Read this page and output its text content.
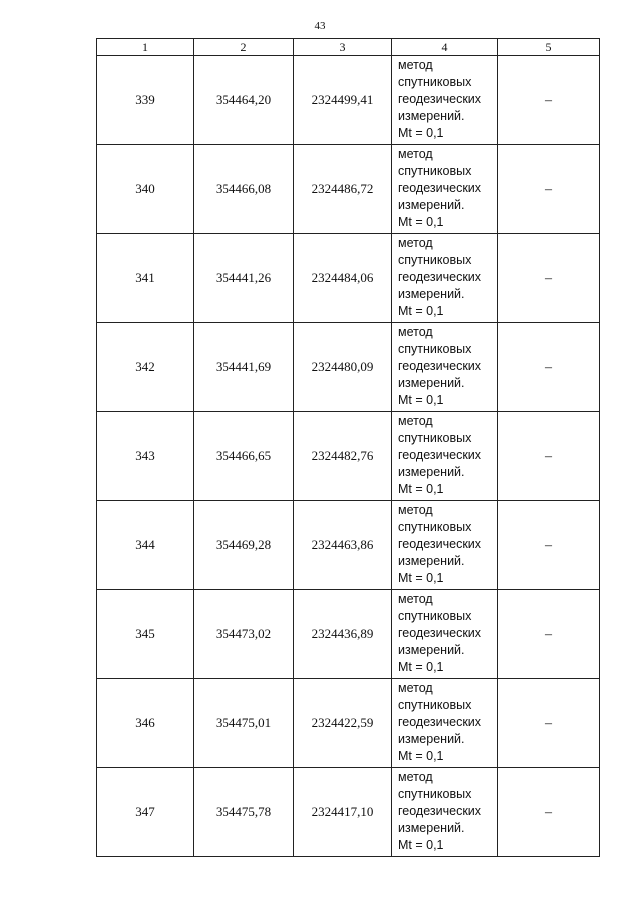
43
1	2	3	4	5
339	354464,20	2324499,41	метод
спутниковых
геодезических
измерений.
Mt = 0,1	–
340	354466,08	2324486,72	метод
спутниковых
геодезических
измерений.
Mt = 0,1	–
341	354441,26	2324484,06	метод
спутниковых
геодезических
измерений.
Mt = 0,1	–
342	354441,69	2324480,09	метод
спутниковых
геодезических
измерений.
Mt = 0,1	–
343	354466,65	2324482,76	метод
спутниковых
геодезических
измерений.
Mt = 0,1	–
344	354469,28	2324463,86	метод
спутниковых
геодезических
измерений.
Mt = 0,1	–
345	354473,02	2324436,89	метод
спутниковых
геодезических
измерений.
Mt = 0,1	–
346	354475,01	2324422,59	метод
спутниковых
геодезических
измерений.
Mt = 0,1	–
347	354475,78	2324417,10	метод
спутниковых
геодезических
измерений.
Mt = 0,1	–
